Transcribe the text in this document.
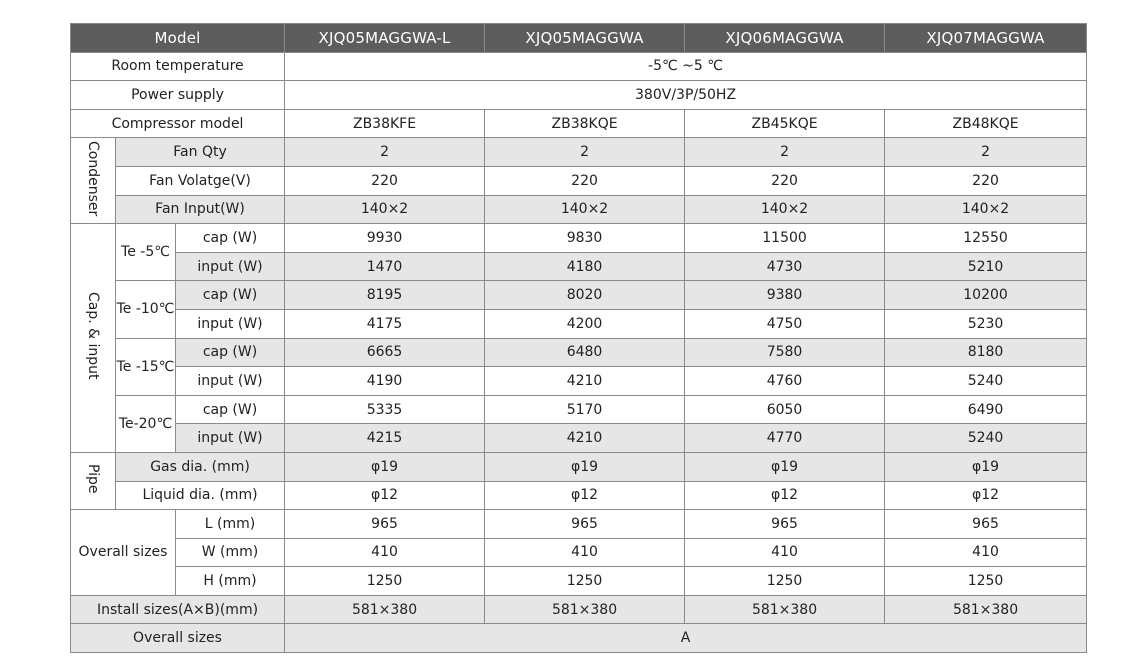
Model			XJQ05MAGGWA-L	XJQ05MAGGWA	XJQ06MAGGWA	XJQ07MAGGWA
Room temperature			-5℃ ~5 ℃			
Power supply			380V/3P/50HZ			
Compressor model			ZB38KFE	ZB38KQE	ZB45KQE	ZB48KQE
Condenser	Fan Qty		2	2	2	2
	Fan Volatge(V)		220	220	220	220
	Fan Input(W)		140×2	140×2	140×2	140×2
Cap. & input	Te -5℃	cap (W)	9930	9830	11500	12550
		input (W)	1470	4180	4730	5210
	Te -10℃	cap (W)	8195	8020	9380	10200
		input (W)	4175	4200	4750	5230
	Te -15℃	cap (W)	6665	6480	7580	8180
		input (W)	4190	4210	4760	5240
	Te-20℃	cap (W)	5335	5170	6050	6490
		input (W)	4215	4210	4770	5240
Pipe	Gas dia. (mm)		φ19	φ19	φ19	φ19
	Liquid dia. (mm)		φ12	φ12	φ12	φ12
Overall sizes		L (mm)	965	965	965	965
		W (mm)	410	410	410	410
		H (mm)	1250	1250	1250	1250
Install sizes(A×B)(mm)			581×380	581×380	581×380	581×380
Overall sizes			A			
